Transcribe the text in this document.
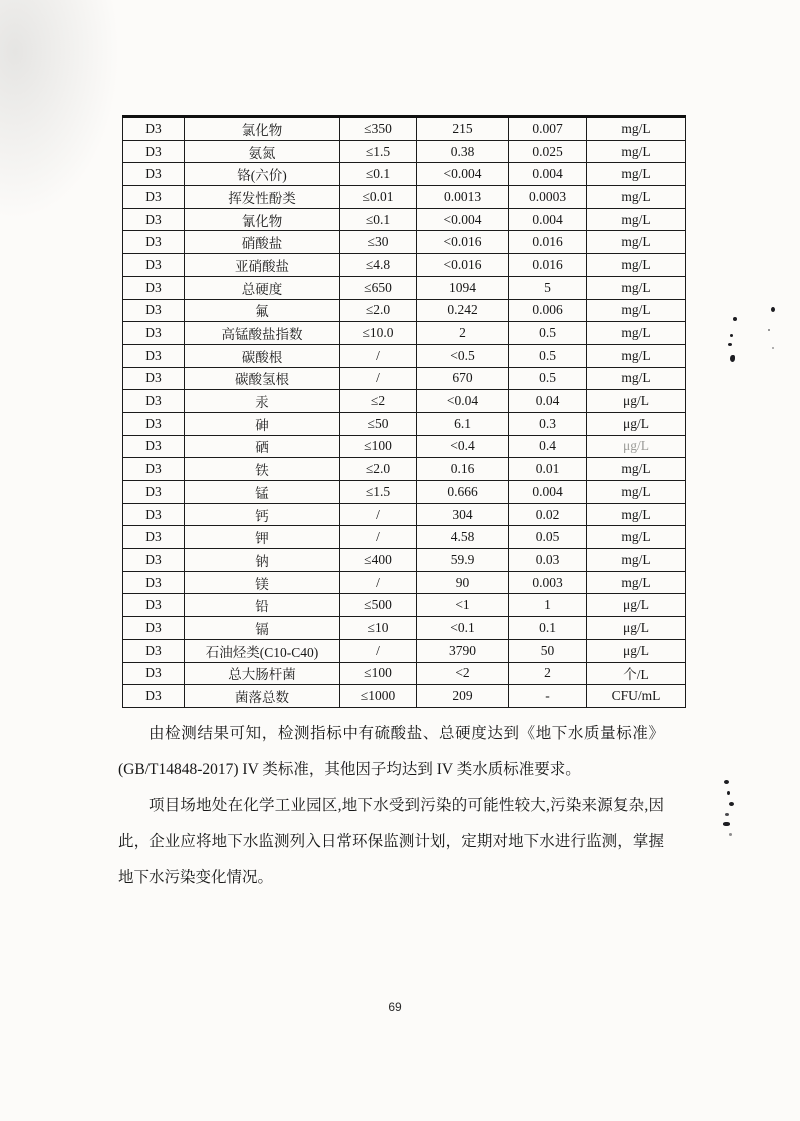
D3	氯化物	≤350	215	0.007	mg/L
D3	氨氮	≤1.5	0.38	0.025	mg/L
D3	铬(六价)	≤0.1	<0.004	0.004	mg/L
D3	挥发性酚类	≤0.01	0.0013	0.0003	mg/L
D3	氰化物	≤0.1	<0.004	0.004	mg/L
D3	硝酸盐	≤30	<0.016	0.016	mg/L
D3	亚硝酸盐	≤4.8	<0.016	0.016	mg/L
D3	总硬度	≤650	1094	5	mg/L
D3	氟	≤2.0	0.242	0.006	mg/L
D3	高锰酸盐指数	≤10.0	2	0.5	mg/L
D3	碳酸根	/	<0.5	0.5	mg/L
D3	碳酸氢根	/	670	0.5	mg/L
D3	汞	≤2	<0.04	0.04	μg/L
D3	砷	≤50	6.1	0.3	μg/L
D3	硒	≤100	<0.4	0.4	μg/L
D3	铁	≤2.0	0.16	0.01	mg/L
D3	锰	≤1.5	0.666	0.004	mg/L
D3	钙	/	304	0.02	mg/L
D3	钾	/	4.58	0.05	mg/L
D3	钠	≤400	59.9	0.03	mg/L
D3	镁	/	90	0.003	mg/L
D3	铅	≤500	<1	1	μg/L
D3	镉	≤10	<0.1	0.1	μg/L
D3	石油烃类(C10-C40)	/	3790	50	μg/L
D3	总大肠杆菌	≤100	<2	2	个/L
D3	菌落总数	≤1000	209	-	CFU/mL

由检测结果可知，检测指标中有硫酸盐、总硬度达到《地下水质量标准》(GB/T14848-2017) IV 类标准，其他因子均达到 IV 类水质标准要求。

项目场地处在化学工业园区,地下水受到污染的可能性较大,污染来源复杂,因此，企业应将地下水监测列入日常环保监测计划，定期对地下水进行监测，掌握地下水污染变化情况。

69
